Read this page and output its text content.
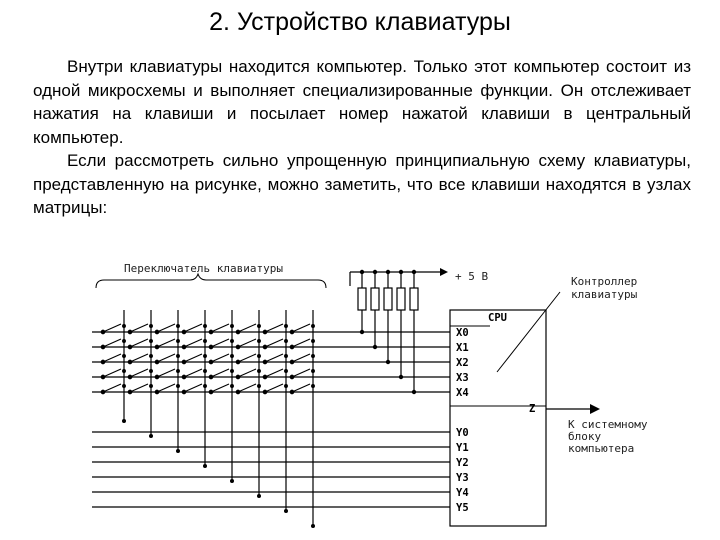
2. Устройство клавиатуры

Внутри клавиатуры находится компьютер. Только этот компьютер состоит из одной микросхемы и выполняет специализированные функции. Он отслеживает нажатия на клавиши и посылает номер нажатой клавиши в центральный компьютер.

Если рассмотреть сильно упрощенную принципиальную схему клавиатуры, представленную на рисунке, можно заметить, что все клавиши находятся в узлах матрицы:

Переключатель клавиатуры
+ 5 В	Контроллер
клавиатуры
CPU
X0
X1
X2
X3
X4
Y0
Y1
Y2
Y3
Y4
Y5
Z
К системному
блоку
компьютера
